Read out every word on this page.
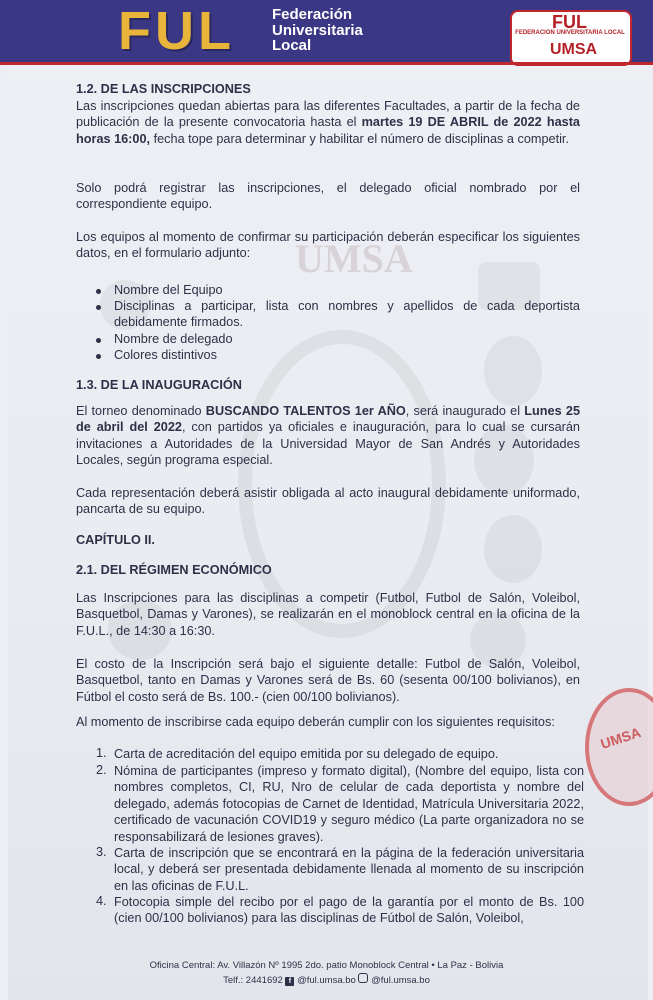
UMSA
FUL Federación
Universitaria
Local
FUL
FEDERACION UNIVERSITARIA LOCAL
UMSA
1.2. DE LAS INSCRIPCIONES
Las inscripciones quedan abiertas para las diferentes Facultades, a partir de la fecha de publicación de la presente convocatoria hasta el martes 19 DE ABRIL de 2022 hasta horas 16:00, fecha tope para determinar y habilitar el número de disciplinas a competir.
Solo podrá registrar las inscripciones, el delegado oficial nombrado por el correspondiente equipo.
Los equipos al momento de confirmar su participación deberán especificar los siguientes datos, en el formulario adjunto:
Nombre del Equipo
Disciplinas a participar, lista con nombres y apellidos de cada deportista debidamente firmados.
Nombre de delegado
Colores distintivos
1.3. DE LA INAUGURACIÓN
El torneo denominado BUSCANDO TALENTOS 1er AÑO, será inaugurado el Lunes 25 de abril del 2022, con partidos ya oficiales e inauguración, para lo cual se cursarán invitaciones a Autoridades de la Universidad Mayor de San Andrés y Autoridades Locales, según programa especial.
Cada representación deberá asistir obligada al acto inaugural debidamente uniformado, pancarta de su equipo.
CAPÍTULO II.
2.1. DEL RÉGIMEN ECONÓMICO
Las Inscripciones para las disciplinas a competir (Futbol, Futbol de Salón, Voleibol, Basquetbol, Damas y Varones), se realizarán en el monoblock central en la oficina de la F.U.L., de 14:30 a 16:30.
El costo de la Inscripción será bajo el siguiente detalle: Futbol de Salón, Voleibol, Basquetbol, tanto en Damas y Varones será de Bs. 60 (sesenta 00/100 bolivianos), en Fútbol el costo será de Bs. 100.- (cien 00/100 bolivianos).
Al momento de inscribirse cada equipo deberán cumplir con los siguientes requisitos:
1. Carta de acreditación del equipo emitida por su delegado de equipo.
2. Nómina de participantes (impreso y formato digital), (Nombre del equipo, lista con nombres completos, CI, RU, Nro de celular de cada deportista y nombre del delegado, además fotocopias de Carnet de Identidad, Matrícula Universitaria 2022, certificado de vacunación COVID19 y seguro médico (La parte organizadora no se responsabilizará de lesiones graves).
3. Carta de inscripción que se encontrará en la página de la federación universitaria local, y deberá ser presentada debidamente llenada al momento de su inscripción en las oficinas de F.U.L.
4. Fotocopia simple del recibo por el pago de la garantía por el monto de Bs. 100 (cien 00/100 bolivianos) para las disciplinas de Fútbol de Salón, Voleibol,
UMSA
Oficina Central: Av. Villazón Nº 1995 2do. patio Monoblock Central • La Paz - Bolivia
Telf.: 2441692 f @ful.umsa.bo @ful.umsa.bo
